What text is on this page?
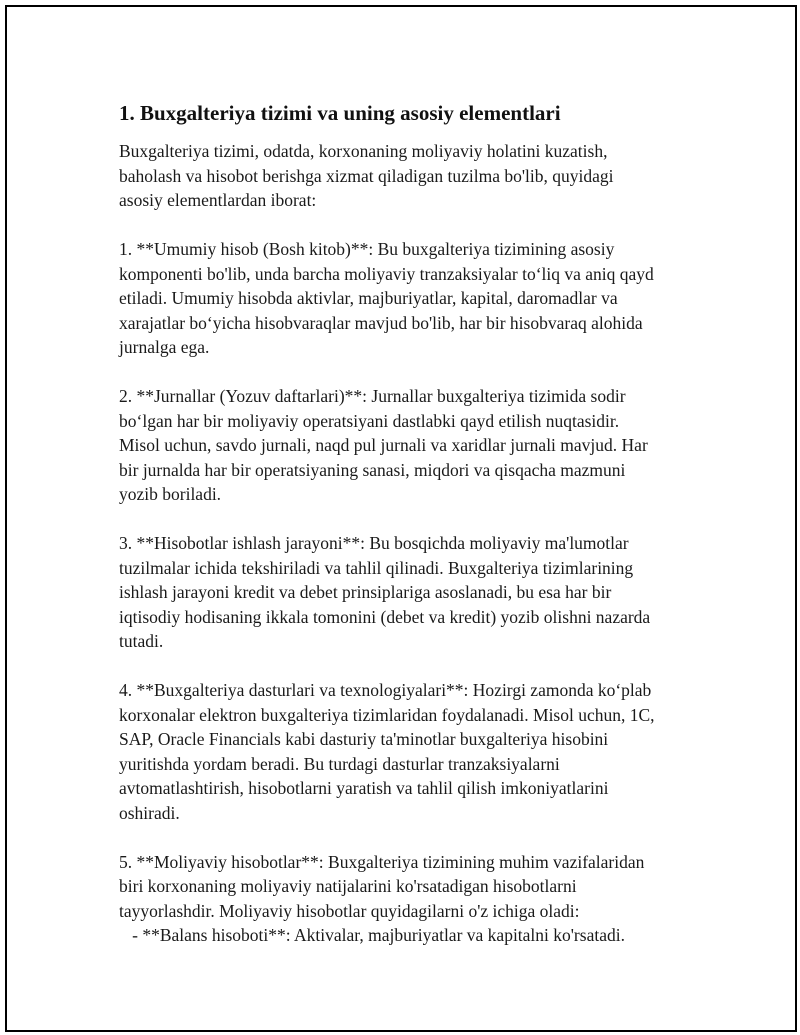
1. Buxgalteriya tizimi va uning asosiy elementlari
Buxgalteriya tizimi, odatda, korxonaning moliyaviy holatini kuzatish,
baholash va hisobot berishga xizmat qiladigan tuzilma bo'lib, quyidagi
asosiy elementlardan iborat:
1. **Umumiy hisob (Bosh kitob)**: Bu buxgalteriya tizimining asosiy
komponenti bo'lib, unda barcha moliyaviy tranzaksiyalar to‘liq va aniq qayd
etiladi. Umumiy hisobda aktivlar, majburiyatlar, kapital, daromadlar va
xarajatlar bo‘yicha hisobvaraqlar mavjud bo'lib, har bir hisobvaraq alohida
jurnalga ega.
2. **Jurnallar (Yozuv daftarlari)**: Jurnallar buxgalteriya tizimida sodir
bo‘lgan har bir moliyaviy operatsiyani dastlabki qayd etilish nuqtasidir.
Misol uchun, savdo jurnali, naqd pul jurnali va xaridlar jurnali mavjud. Har
bir jurnalda har bir operatsiyaning sanasi, miqdori va qisqacha mazmuni
yozib boriladi.
3. **Hisobotlar ishlash jarayoni**: Bu bosqichda moliyaviy ma'lumotlar
tuzilmalar ichida tekshiriladi va tahlil qilinadi. Buxgalteriya tizimlarining
ishlash jarayoni kredit va debet prinsiplariga asoslanadi, bu esa har bir
iqtisodiy hodisaning ikkala tomonini (debet va kredit) yozib olishni nazarda
tutadi.
4. **Buxgalteriya dasturlari va texnologiyalari**: Hozirgi zamonda ko‘plab
korxonalar elektron buxgalteriya tizimlaridan foydalanadi. Misol uchun, 1C,
SAP, Oracle Financials kabi dasturiy ta'minotlar buxgalteriya hisobini
yuritishda yordam beradi. Bu turdagi dasturlar tranzaksiyalarni
avtomatlashtirish, hisobotlarni yaratish va tahlil qilish imkoniyatlarini
oshiradi.
5. **Moliyaviy hisobotlar**: Buxgalteriya tizimining muhim vazifalaridan
biri korxonaning moliyaviy natijalarini ko'rsatadigan hisobotlarni
tayyorlashdir. Moliyaviy hisobotlar quyidagilarni o'z ichiga oladi:
- **Balans hisoboti**: Aktivalar, majburiyatlar va kapitalni ko'rsatadi.
